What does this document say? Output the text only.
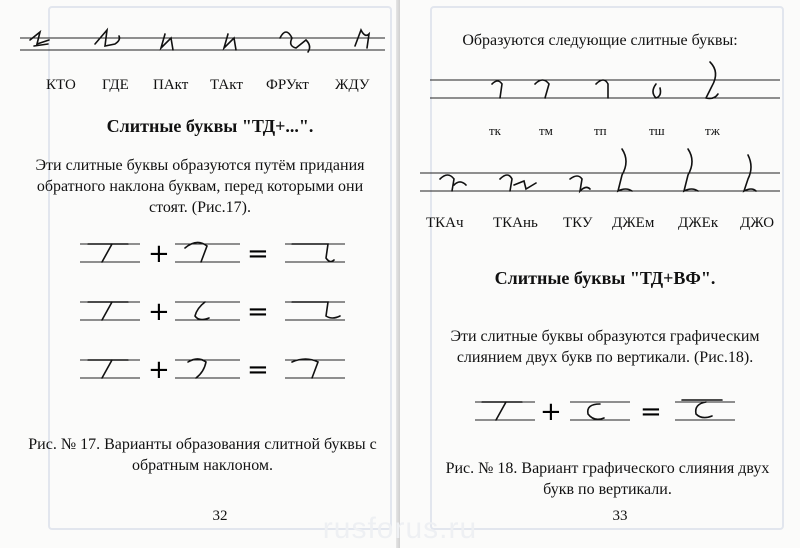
КТО ГДЕ ПАкт ТАкт ФРУкт ЖДУ
Слитные буквы "ТД+...".
Эти слитные буквы образуются путём придания
обратного наклона буквам, перед которыми они
стоят. (Рис.17).
+	=
+	=
+	=
Рис. № 17. Варианты образования слитной буквы с
обратным наклоном.
32
Образуются следующие слитные буквы:
тк	тм	тп	тш	тж
ТКАч ТКАнь ТКУ ДЖЕм ДЖЕк ДЖО
Слитные буквы "ТД+ВФ".
Эти слитные буквы образуются графическим
слиянием двух букв по вертикали. (Рис.18).
+	=
Рис. № 18. Вариант графического слияния двух
букв по вертикали.
33
rusforus.ru
